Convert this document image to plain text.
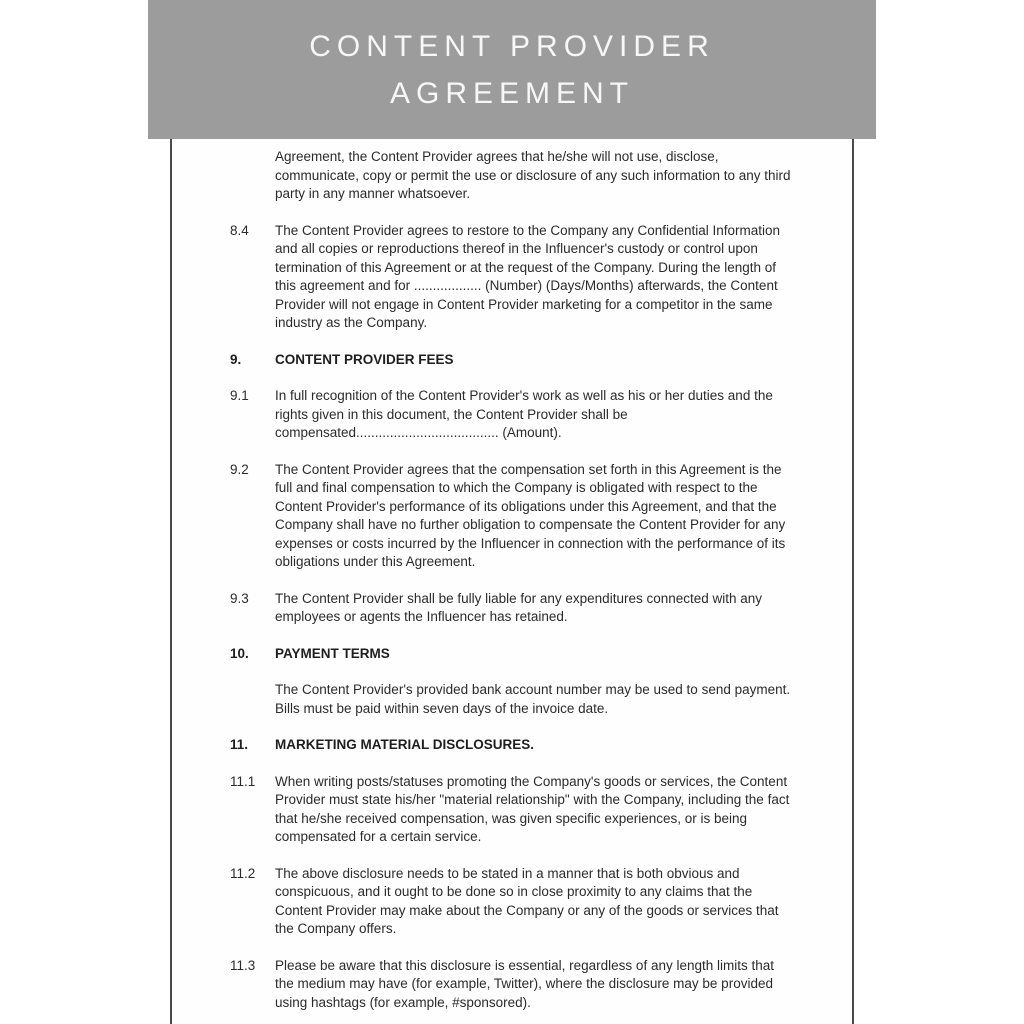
CONTENT PROVIDER
AGREEMENT
Agreement, the Content Provider agrees that he/she will not use, disclose, communicate, copy or permit the use or disclosure of any such information to any third party in any manner whatsoever.
8.4	The Content Provider agrees to restore to the Company any Confidential Information and all copies or reproductions thereof in the Influencer's custody or control upon termination of this Agreement or at the request of the Company. During the length of this agreement and for .................. (Number) (Days/Months) afterwards, the Content Provider will not engage in Content Provider marketing for a competitor in the same industry as the Company.
9.	CONTENT PROVIDER FEES
9.1	In full recognition of the Content Provider's work as well as his or her duties and the rights given in this document, the Content Provider shall be compensated...................................... (Amount).
9.2	The Content Provider agrees that the compensation set forth in this Agreement is the full and final compensation to which the Company is obligated with respect to the Content Provider's performance of its obligations under this Agreement, and that the Company shall have no further obligation to compensate the Content Provider for any expenses or costs incurred by the Influencer in connection with the performance of its obligations under this Agreement.
9.3	The Content Provider shall be fully liable for any expenditures connected with any employees or agents the Influencer has retained.
10.	PAYMENT TERMS
The Content Provider's provided bank account number may be used to send payment. Bills must be paid within seven days of the invoice date.
11.	MARKETING MATERIAL DISCLOSURES.
11.1	When writing posts/statuses promoting the Company's goods or services, the Content Provider must state his/her "material relationship" with the Company, including the fact that he/she received compensation, was given specific experiences, or is being compensated for a certain service.
11.2	The above disclosure needs to be stated in a manner that is both obvious and conspicuous, and it ought to be done so in close proximity to any claims that the Content Provider may make about the Company or any of the goods or services that the Company offers.
11.3	Please be aware that this disclosure is essential, regardless of any length limits that the medium may have (for example, Twitter), where the disclosure may be provided using hashtags (for example, #sponsored).
